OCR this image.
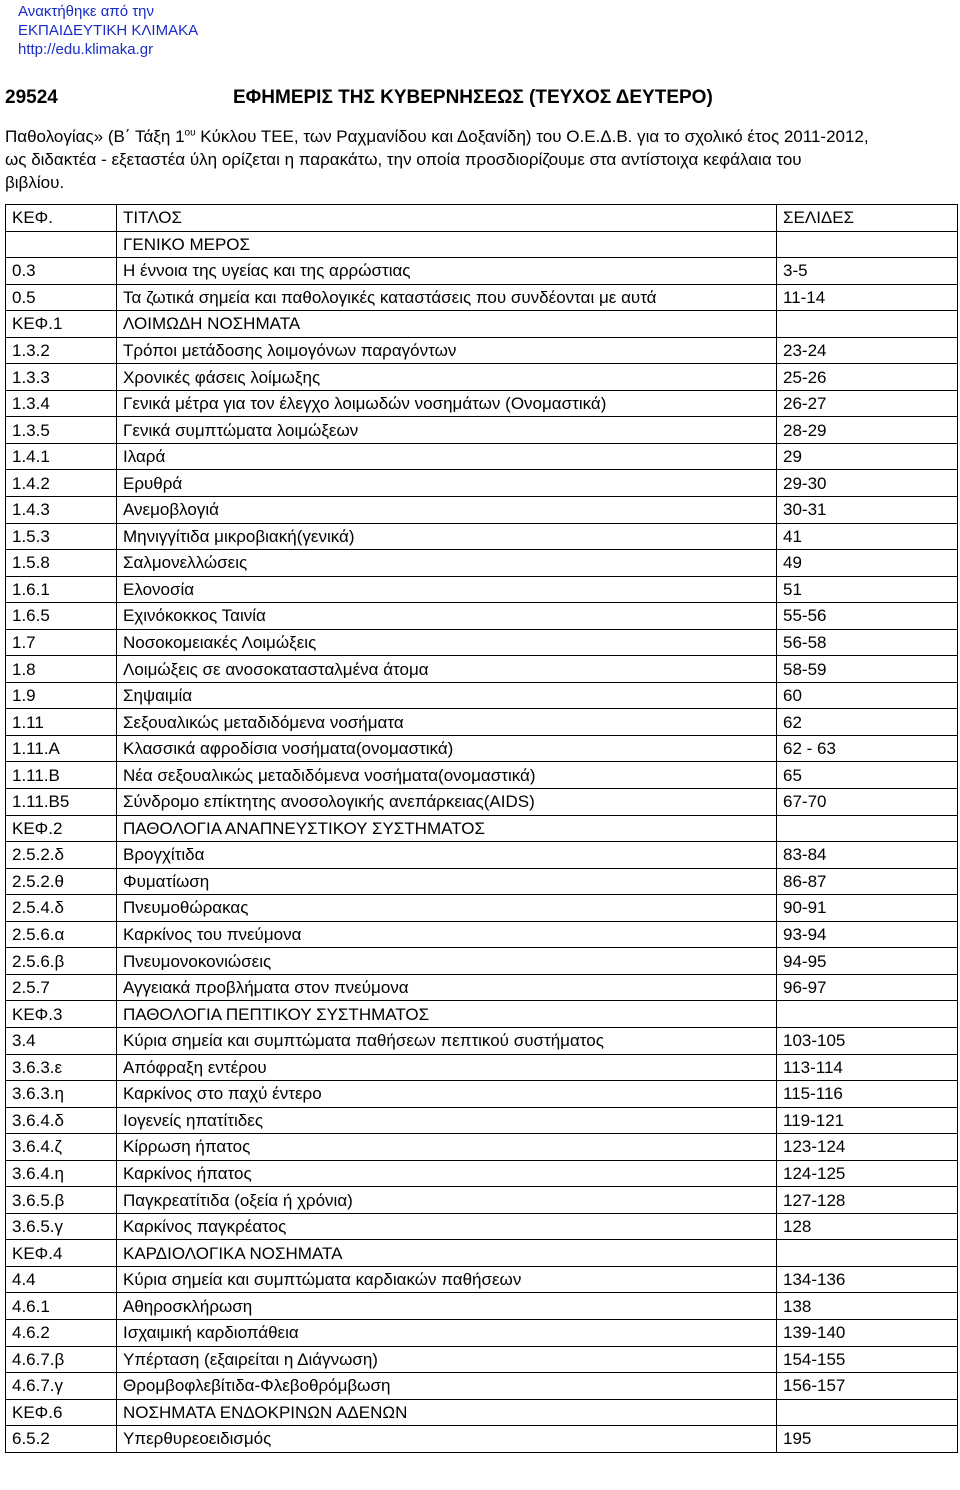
Ανακτήθηκε από την
ΕΚΠΑΙΔΕΥΤΙΚΗ ΚΛΙΜΑΚΑ
http://edu.klimaka.gr
29524	ΕΦΗΜΕΡΙΣ ΤΗΣ ΚΥΒΕΡΝΗΣΕΩΣ (ΤΕΥΧΟΣ ΔΕΥΤΕΡΟ)
Παθολογίας» (Β΄ Τάξη $1^{o\upsilon}$ Κύκλου ΤΕΕ, των Ραχμανίδου και Δοξανίδη) του Ο.Ε.Δ.Β. για το σχολικό έτος 2011-2012,
ως διδακτέα - εξεταστέα ύλη ορίζεται η παρακάτω, την οποία προσδιορίζουμε στα αντίστοιχα κεφάλαια του
βιβλίου.
ΚΕΦ.	ΤΙΤΛΟΣ	ΣΕΛΙΔΕΣ
	ΓΕΝΙΚΟ ΜΕΡΟΣ	
0.3	Η έννοια της υγείας και της αρρώστιας	3-5
0.5	Τα ζωτικά σημεία και παθολογικές καταστάσεις που συνδέονται με αυτά	11-14
ΚΕΦ.1	ΛΟΙΜΩΔΗ ΝΟΣΗΜΑΤΑ	
1.3.2	Τρόποι μετάδοσης λοιμογόνων παραγόντων	23-24
1.3.3	Χρονικές φάσεις λοίμωξης	25-26
1.3.4	Γενικά μέτρα για τον έλεγχο λοιμωδών νοσημάτων (Ονομαστικά)	26-27
1.3.5	Γενικά συμπτώματα λοιμώξεων	28-29
1.4.1	Ιλαρά	29
1.4.2	Ερυθρά	29-30
1.4.3	Ανεμοβλογιά	30-31
1.5.3	Μηνιγγίτιδα μικροβιακή(γενικά)	41
1.5.8	Σαλμονελλώσεις	49
1.6.1	Ελονοσία	51
1.6.5	Εχινόκοκκος Ταινία	55-56
1.7	Νοσοκομειακές Λοιμώξεις	56-58
1.8	Λοιμώξεις σε ανοσοκατασταλμένα άτομα	58-59
1.9	Σηψαιμία	60
1.11	Σεξουαλικώς μεταδιδόμενα νοσήματα	62
1.11.Α	Κλασσικά αφροδίσια νοσήματα(ονομαστικά)	62 - 63
1.11.Β	Νέα σεξουαλικώς μεταδιδόμενα νοσήματα(ονομαστικά)	65
1.11.Β5	Σύνδρομο επίκτητης ανοσολογικής ανεπάρκειας(AIDS)	67-70
ΚΕΦ.2	ΠΑΘΟΛΟΓΙΑ ΑΝΑΠΝΕΥΣΤΙΚΟΥ ΣΥΣΤΗΜΑΤΟΣ	
2.5.2.δ	Βρογχίτιδα	83-84
2.5.2.θ	Φυματίωση	86-87
2.5.4.δ	Πνευμοθώρακας	90-91
2.5.6.α	Καρκίνος του πνεύμονα	93-94
2.5.6.β	Πνευμονοκονιώσεις	94-95
2.5.7	Αγγειακά προβλήματα στον πνεύμονα	96-97
ΚΕΦ.3	ΠΑΘΟΛΟΓΙΑ ΠΕΠΤΙΚΟΥ ΣΥΣΤΗΜΑΤΟΣ	
3.4	Κύρια σημεία και συμπτώματα παθήσεων πεπτικού συστήματος	103-105
3.6.3.ε	Απόφραξη εντέρου	113-114
3.6.3.η	Καρκίνος στο παχύ έντερο	115-116
3.6.4.δ	Ιογενείς ηπατίτιδες	119-121
3.6.4.ζ	Κίρρωση ήπατος	123-124
3.6.4.η	Καρκίνος ήπατος	124-125
3.6.5.β	Παγκρεατίτιδα (οξεία ή χρόνια)	127-128
3.6.5.γ	Καρκίνος παγκρέατος	128
ΚΕΦ.4	ΚΑΡΔΙΟΛΟΓΙΚΑ ΝΟΣΗΜΑΤΑ	
4.4	Κύρια σημεία και συμπτώματα καρδιακών παθήσεων	134-136
4.6.1	Αθηροσκλήρωση	138
4.6.2	Ισχαιμική καρδιοπάθεια	139-140
4.6.7.β	Υπέρταση (εξαιρείται η Διάγνωση)	154-155
4.6.7.γ	Θρομβοφλεβίτιδα-Φλεβοθρόμβωση	156-157
ΚΕΦ.6	ΝΟΣΗΜΑΤΑ ΕΝΔΟΚΡΙΝΩΝ ΑΔΕΝΩΝ	
6.5.2	Υπερθυρεοειδισμός	195
